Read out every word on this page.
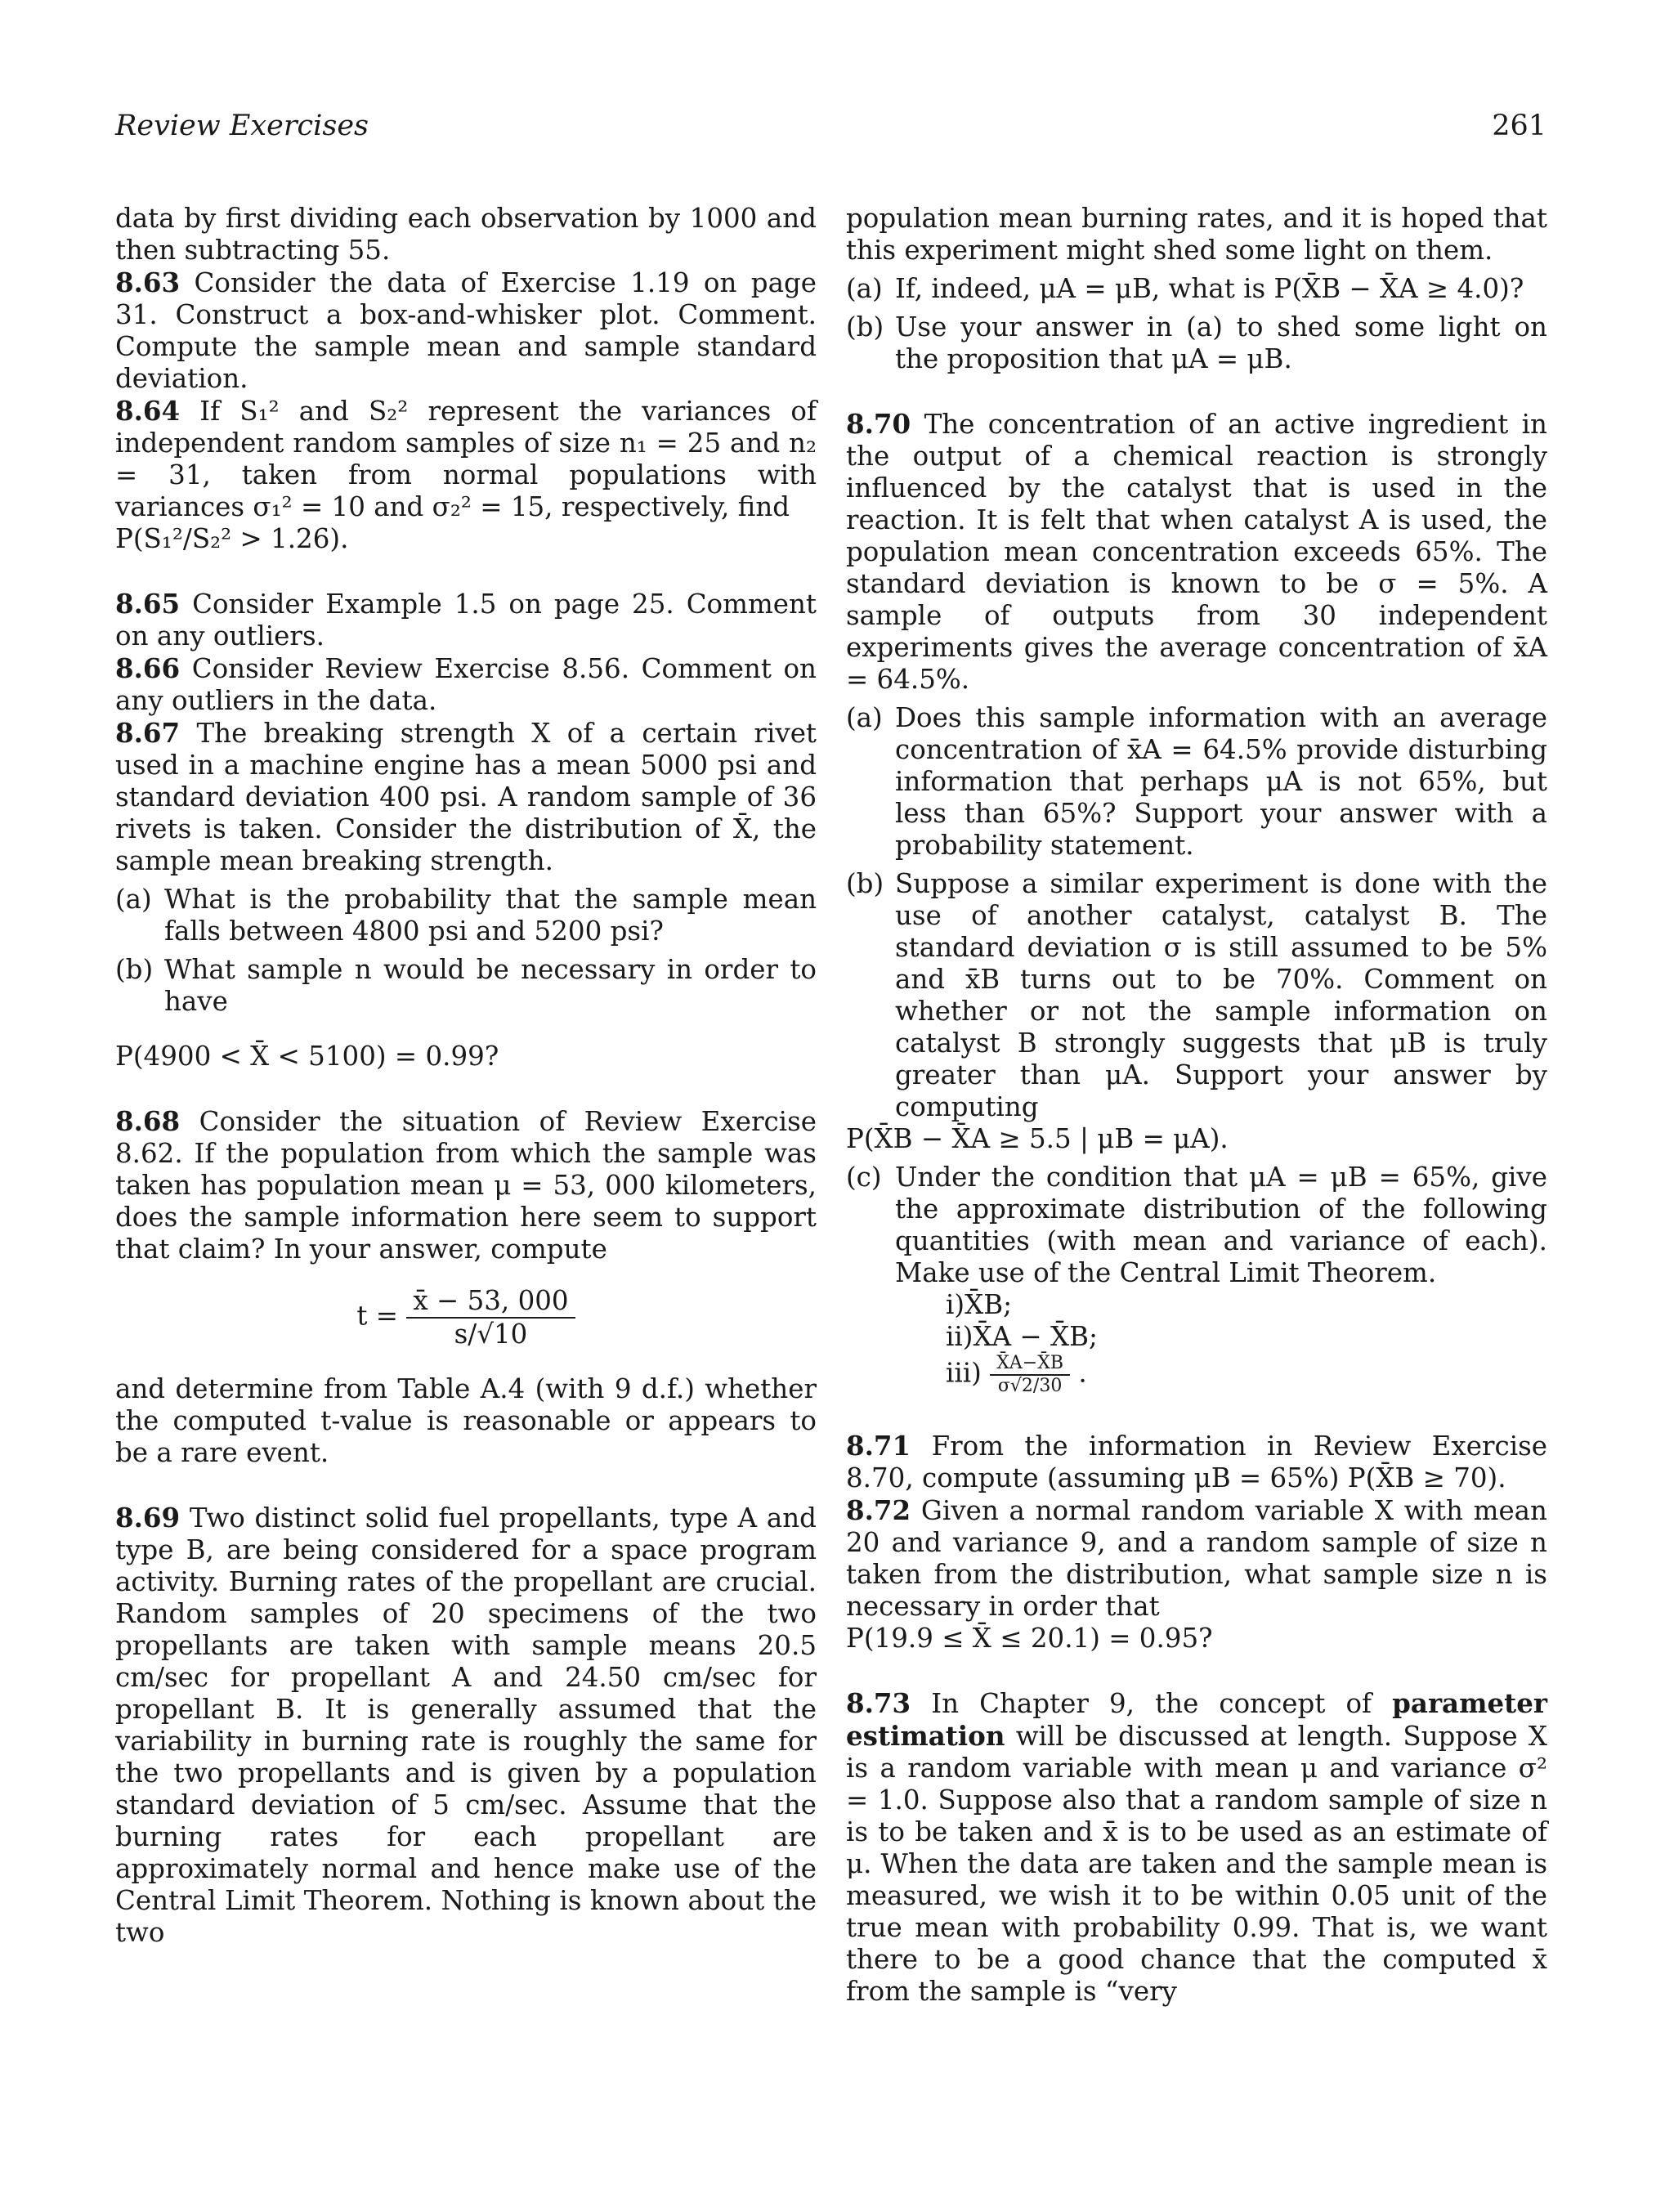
Review Exercises	261

data by first dividing each observation by 1000 and then subtracting 55.

8.63 Consider the data of Exercise 1.19 on page 31. Construct a box-and-whisker plot. Comment. Compute the sample mean and sample standard deviation.

8.64 If S₁² and S₂² represent the variances of independent random samples of size n₁ = 25 and n₂ = 31, taken from normal populations with variances σ₁² = 10 and σ₂² = 15, respectively, find

P(S₁²/S₂² > 1.26).

8.65 Consider Example 1.5 on page 25. Comment on any outliers.

8.66 Consider Review Exercise 8.56. Comment on any outliers in the data.

8.67 The breaking strength X of a certain rivet used in a machine engine has a mean 5000 psi and standard deviation 400 psi. A random sample of 36 rivets is taken. Consider the distribution of X̄, the sample mean breaking strength.

(a) What is the probability that the sample mean falls between 4800 psi and 5200 psi?
(b) What sample n would be necessary in order to have

P(4900 < X̄ < 5100) = 0.99?

8.68 Consider the situation of Review Exercise 8.62. If the population from which the sample was taken has population mean μ = 53, 000 kilometers, does the sample information here seem to support that claim? In your answer, compute

$t = \frac{x̄ - 53, 000}{s/√10}$

and determine from Table A.4 (with 9 d.f.) whether the computed t-value is reasonable or appears to be a rare event.

8.69 Two distinct solid fuel propellants, type A and type B, are being considered for a space program activity. Burning rates of the propellant are crucial. Random samples of 20 specimens of the two propellants are taken with sample means 20.5 cm/sec for propellant A and 24.50 cm/sec for propellant B. It is generally assumed that the variability in burning rate is roughly the same for the two propellants and is given by a population standard deviation of 5 cm/sec. Assume that the burning rates for each propellant are approximately normal and hence make use of the Central Limit Theorem. Nothing is known about the two

population mean burning rates, and it is hoped that this experiment might shed some light on them.

(a) If, indeed, μA = μB, what is P(X̄B − X̄A ≥ 4.0)?
(b) Use your answer in (a) to shed some light on the proposition that μA = μB.

8.70 The concentration of an active ingredient in the output of a chemical reaction is strongly influenced by the catalyst that is used in the reaction. It is felt that when catalyst A is used, the population mean concentration exceeds 65%. The standard deviation is known to be σ = 5%. A sample of outputs from 30 independent experiments gives the average concentration of x̄A = 64.5%.

(a) Does this sample information with an average concentration of x̄A = 64.5% provide disturbing information that perhaps μA is not 65%, but less than 65%? Support your answer with a probability statement.
(b) Suppose a similar experiment is done with the use of another catalyst, catalyst B. The standard deviation σ is still assumed to be 5% and x̄B turns out to be 70%. Comment on whether or not the sample information on catalyst B strongly suggests that μB is truly greater than μA. Support your answer by computing

P(X̄B − X̄A ≥ 5.5 | μB = μA).

(c) Under the condition that μA = μB = 65%, give the approximate distribution of the following quantities (with mean and variance of each). Make use of the Central Limit Theorem.
i)X̄B;
ii)X̄A − X̄B;
$iii) \frac{X̄A-X̄B}{\sigma√2/30}$ .

8.71 From the information in Review Exercise 8.70, compute (assuming μB = 65%) P(X̄B ≥ 70).

8.72 Given a normal random variable X with mean 20 and variance 9, and a random sample of size n taken from the distribution, what sample size n is necessary in order that

P(19.9 ≤ X̄ ≤ 20.1) = 0.95?

8.73 In Chapter 9, the concept of parameter estimation will be discussed at length. Suppose X is a random variable with mean μ and variance σ² = 1.0. Suppose also that a random sample of size n is to be taken and x̄ is to be used as an estimate of μ. When the data are taken and the sample mean is measured, we wish it to be within 0.05 unit of the true mean with probability 0.99. That is, we want there to be a good chance that the computed x̄ from the sample is “very
